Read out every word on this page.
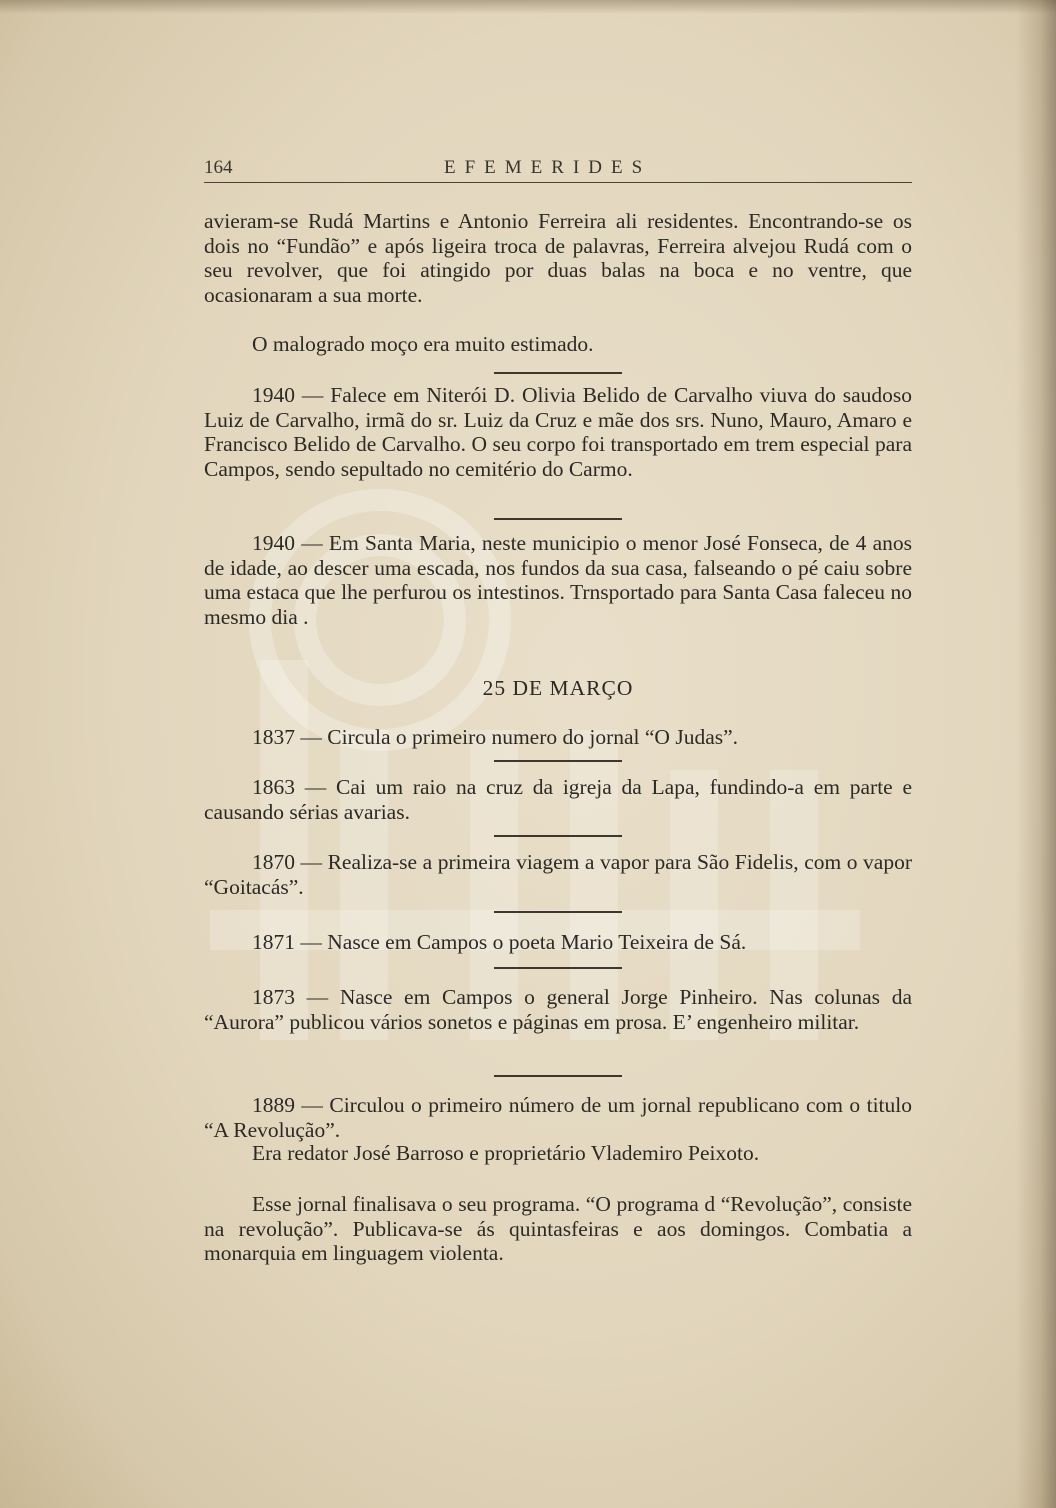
164	EFEMERIDES

avieram-se Rudá Martins e Antonio Ferreira ali residentes. Encontrando-se os dois no “Fundão” e após ligeira troca de palavras, Ferreira alvejou Rudá com o seu revolver, que foi atingido por duas balas na boca e no ventre, que ocasionaram a sua morte.

O malogrado moço era muito estimado.

1940 — Falece em Niterói D. Olivia Belido de Carvalho viuva do saudoso Luiz de Carvalho, irmã do sr. Luiz da Cruz e mãe dos srs. Nuno, Mauro, Amaro e Francisco Belido de Carvalho. O seu corpo foi transportado em trem especial para Campos, sendo sepultado no cemitério do Carmo.

1940 — Em Santa Maria, neste municipio o menor José Fonseca, de 4 anos de idade, ao descer uma escada, nos fundos da sua casa, falseando o pé caiu sobre uma estaca que lhe perfurou os intestinos. Trnsportado para Santa Casa faleceu no mesmo dia .

25 DE MARÇO

1837 — Circula o primeiro numero do jornal “O Judas”.

1863 — Cai um raio na cruz da igreja da Lapa, fundindo-a em parte e causando sérias avarias.

1870 — Realiza-se a primeira viagem a vapor para São Fidelis, com o vapor “Goitacás”.

1871 — Nasce em Campos o poeta Mario Teixeira de Sá.

1873 — Nasce em Campos o general Jorge Pinheiro. Nas colunas da “Aurora” publicou vários sonetos e páginas em prosa. E’ engenheiro militar.

1889 — Circulou o primeiro número de um jornal republicano com o titulo “A Revolução”.

Era redator José Barroso e proprietário Vlademiro Peixoto.

Esse jornal finalisava o seu programa. “O programa d “Revolução”, consiste na revolução”. Publicava-se ás quintasfeiras e aos domingos. Combatia a monarquia em linguagem violenta.
